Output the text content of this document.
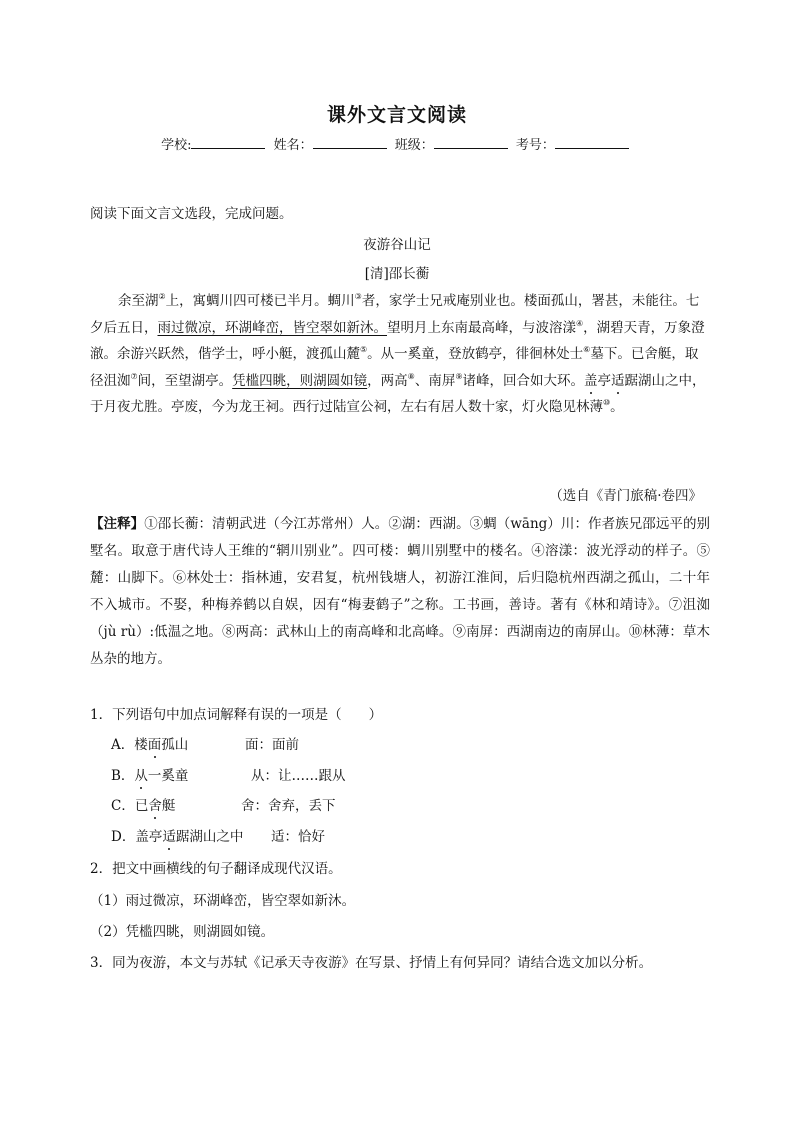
课外文言文阅读
学校:	姓名：	班级：	考号：
阅读下面文言文选段，完成问题。
夜游谷山记
[清]邵长蘅
余至湖②上，寓蜩川四可楼已半月。蜩川③者，家学士兄戒庵别业也。楼面孤山，署甚，未能往。七夕后五日，雨过微凉，环湖峰峦，皆空翠如新沐。望明月上东南最高峰，与波溶漾④，湖碧天青，万象澄澈。余游兴跃然，偕学士，呼小艇，渡孤山麓⑤。从一奚童，登放鹤亭，徘徊林处士⑥墓下。已舍艇，取径沮洳⑦间，至望湖亭。凭槛四眺，则湖圆如镜，两高⑧、南屏⑨诸峰，回合如大环。盖亭适踞湖山之中，于月夜尤胜。亭废，今为龙王祠。西行过陆宣公祠，左右有居人数十家，灯火隐见林薄⑩。
（选自《青门旅稿·卷四》
【注释】①邵长蘅：清朝武进（今江苏常州）人。②湖：西湖。③蜩（wāng）川：作者族兄邵远平的别墅名。取意于唐代诗人王维的“辋川别业”。四可楼：蜩川别墅中的楼名。④溶漾：波光浮动的样子。⑤麓：山脚下。⑥林处士：指林逋，安君复，杭州钱塘人，初游江淮间，后归隐杭州西湖之孤山，二十年不入城市。不娶，种梅养鹤以自娱，因有“梅妻鹤子”之称。工书画，善诗。著有《林和靖诗》。⑦沮洳（jù rù）:低温之地。⑧两高：武林山上的南高峰和北高峰。⑨南屏：西湖南边的南屏山。⑩林薄：草木丛杂的地方。
1．下列语句中加点词解释有误的一项是（　　）
A．楼面孤山	面：面前
B．从一奚童	从：让……跟从
C．已舍艇	舍：舍弃，丢下
D．盖亭适踞湖山之中 适：恰好
2．把文中画横线的句子翻译成现代汉语。
（1）雨过微凉，环湖峰峦，皆空翠如新沐。
（2）凭槛四眺，则湖圆如镜。
3．同为夜游，本文与苏轼《记承天寺夜游》在写景、抒情上有何异同？请结合选文加以分析。
